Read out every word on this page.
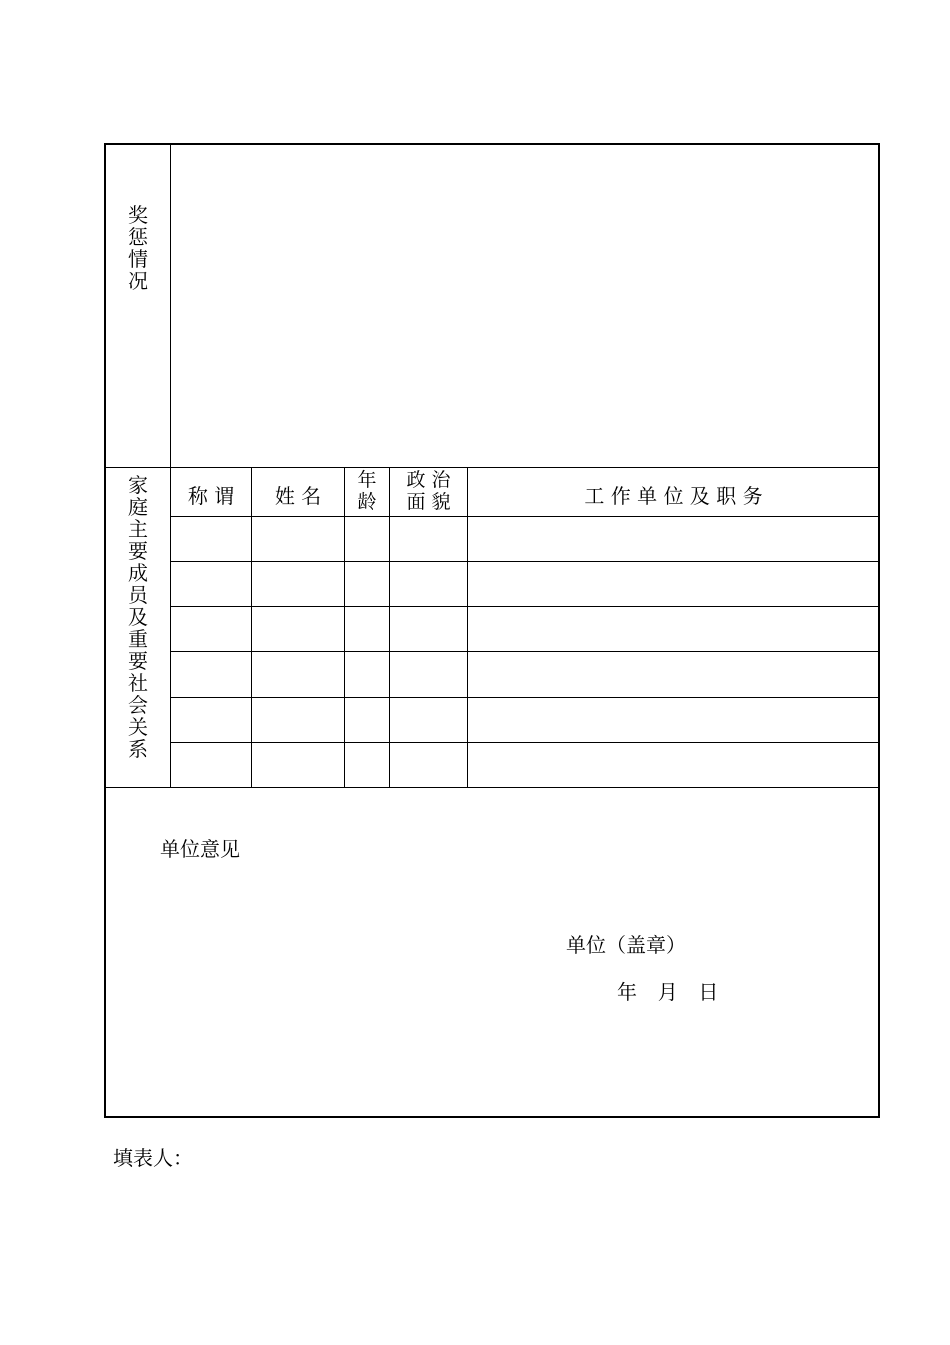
奖惩情况
家庭主要成员及重要社会关系
称 谓	姓 名
年
龄
政 治
面 貌	工 作 单 位 及 职 务
单位意见
单位（盖章）
年  月  日
填表人：
